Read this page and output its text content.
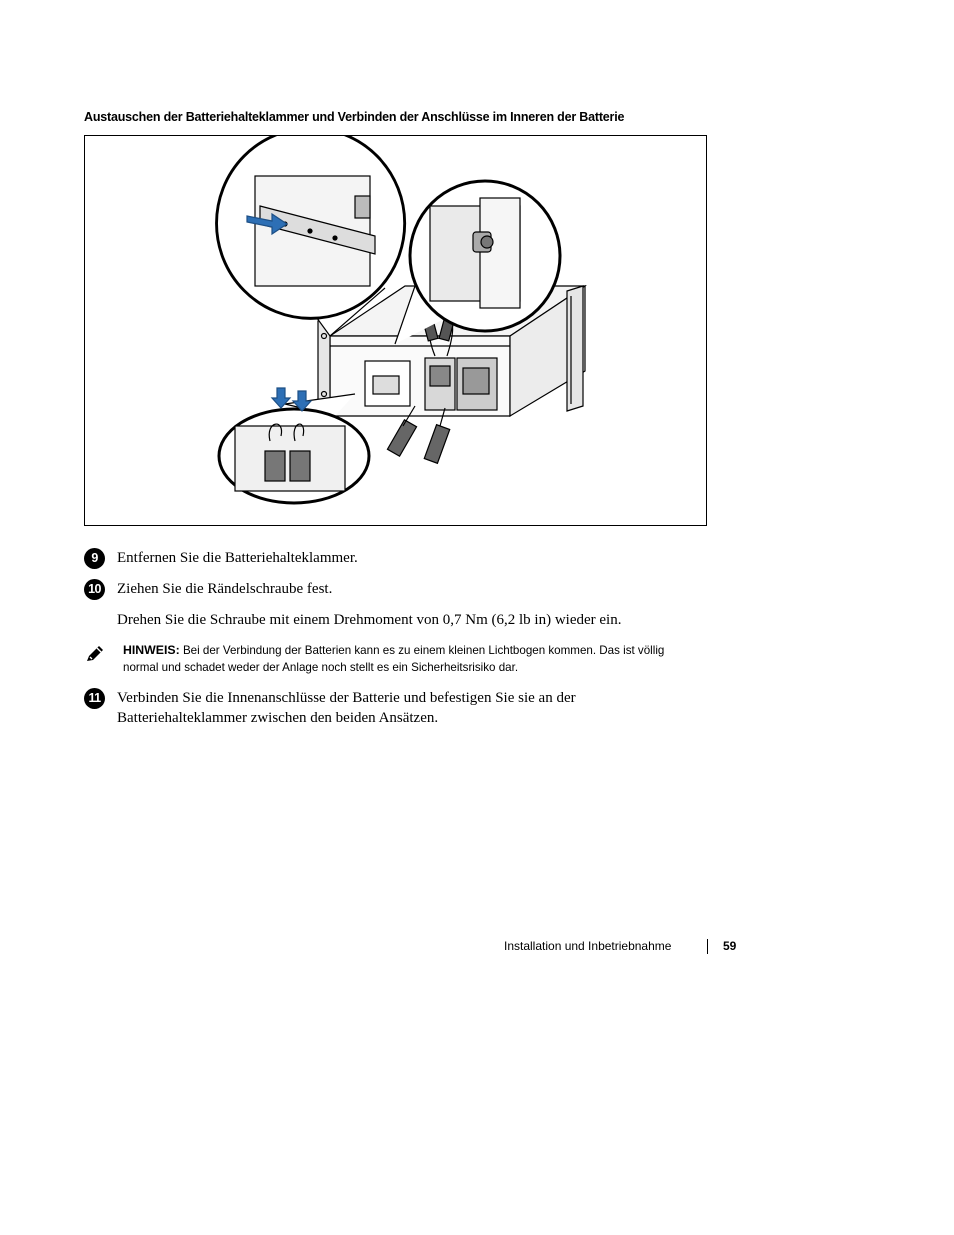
Austauschen der Batteriehalteklammer und Verbinden der Anschlüsse im Inneren der Batterie
9	Entfernen Sie die Batteriehalteklammer.
10 Ziehen Sie die Rändelschraube fest.
Drehen Sie die Schraube mit einem Drehmoment von 0,7 Nm (6,2 lb in) wieder ein.
HINWEIS: Bei der Verbindung der Batterien kann es zu einem kleinen Lichtbogen kommen. Das ist völlig
normal und schadet weder der Anlage noch stellt es ein Sicherheitsrisiko dar.
11	Verbinden Sie die Innenanschlüsse der Batterie und befestigen Sie sie an der
Batteriehalteklammer zwischen den beiden Ansätzen.
Installation und Inbetriebnahme	59
